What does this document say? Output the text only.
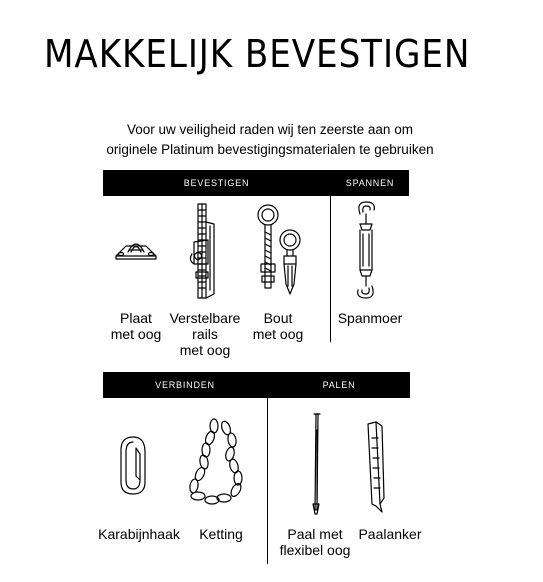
MAKKELIJK BEVESTIGEN
Voor uw veiligheid raden wij ten zeerste aan om
originele Platinum bevestigingsmaterialen te gebruiken
BEVESTIGEN	SPANNEN
Plaat
met oog
Verstelbare
rails
met oog
Bout
met oog
Spanmoer
VERBINDEN	PALEN
Karabijnhaak	Ketting	Paal met
flexibel oog
Paalanker
